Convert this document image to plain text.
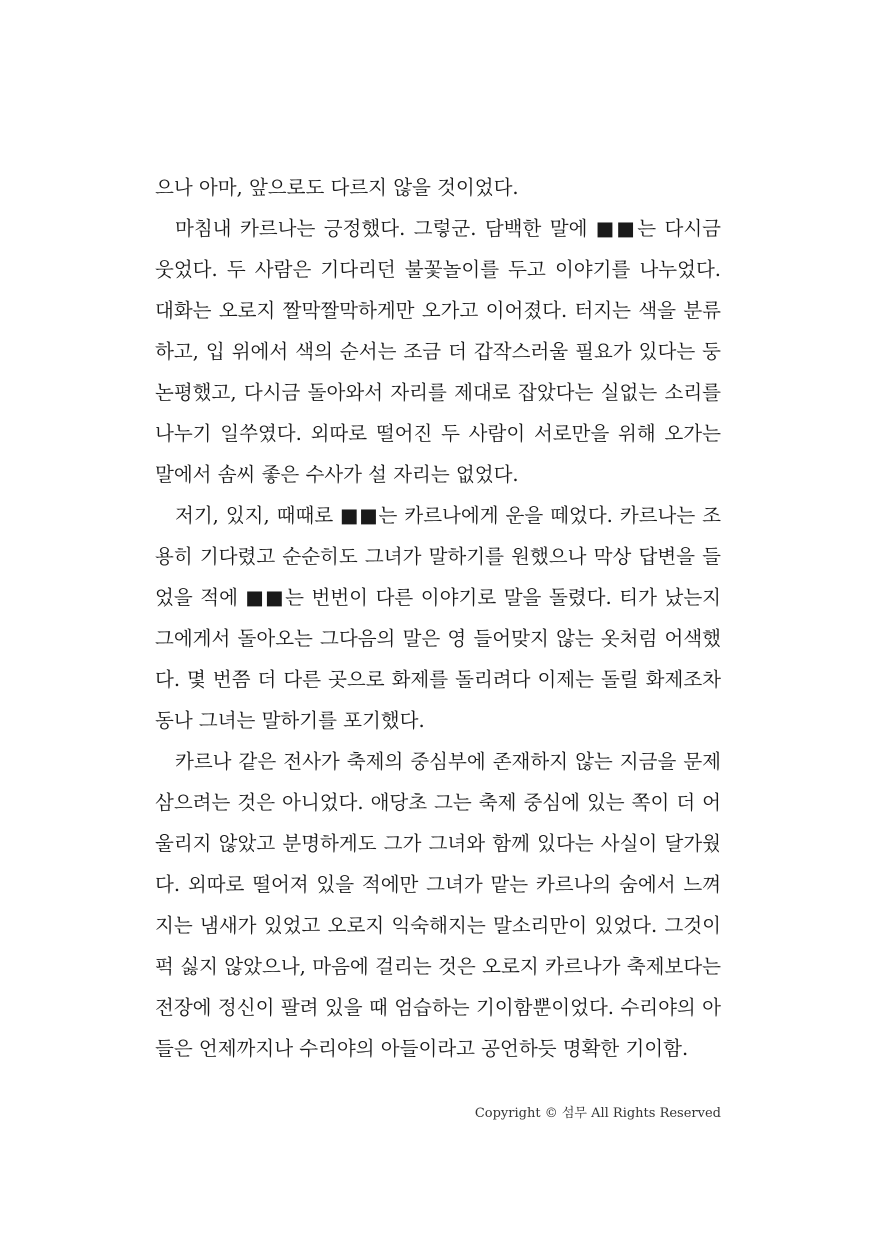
으나 아마, 앞으로도 다르지 않을 것이었다.
마침내 카르나는 긍정했다. 그렇군. 담백한 말에 ■■는 다시금
웃었다. 두 사람은 기다리던 불꽃놀이를 두고 이야기를 나누었다.
대화는 오로지 짤막짤막하게만 오가고 이어졌다. 터지는 색을 분류
하고, 입 위에서 색의 순서는 조금 더 갑작스러울 필요가 있다는 둥
논평했고, 다시금 돌아와서 자리를 제대로 잡았다는 실없는 소리를
나누기 일쑤였다. 외따로 떨어진 두 사람이 서로만을 위해 오가는
말에서 솜씨 좋은 수사가 설 자리는 없었다.
저기, 있지, 때때로 ■■는 카르나에게 운을 떼었다. 카르나는 조
용히 기다렸고 순순히도 그녀가 말하기를 원했으나 막상 답변을 들
었을 적에 ■■는 번번이 다른 이야기로 말을 돌렸다. 티가 났는지
그에게서 돌아오는 그다음의 말은 영 들어맞지 않는 옷처럼 어색했
다. 몇 번쯤 더 다른 곳으로 화제를 돌리려다 이제는 돌릴 화제조차
동나 그녀는 말하기를 포기했다.
카르나 같은 전사가 축제의 중심부에 존재하지 않는 지금을 문제
삼으려는 것은 아니었다. 애당초 그는 축제 중심에 있는 쪽이 더 어
울리지 않았고 분명하게도 그가 그녀와 함께 있다는 사실이 달가웠
다. 외따로 떨어져 있을 적에만 그녀가 맡는 카르나의 숨에서 느껴
지는 냄새가 있었고 오로지 익숙해지는 말소리만이 있었다. 그것이
퍽 싫지 않았으나, 마음에 걸리는 것은 오로지 카르나가 축제보다는
전장에 정신이 팔려 있을 때 엄습하는 기이함뿐이었다. 수리야의 아
들은 언제까지나 수리야의 아들이라고 공언하듯 명확한 기이함.
Copyright © 섬무 All Rights Reserved
